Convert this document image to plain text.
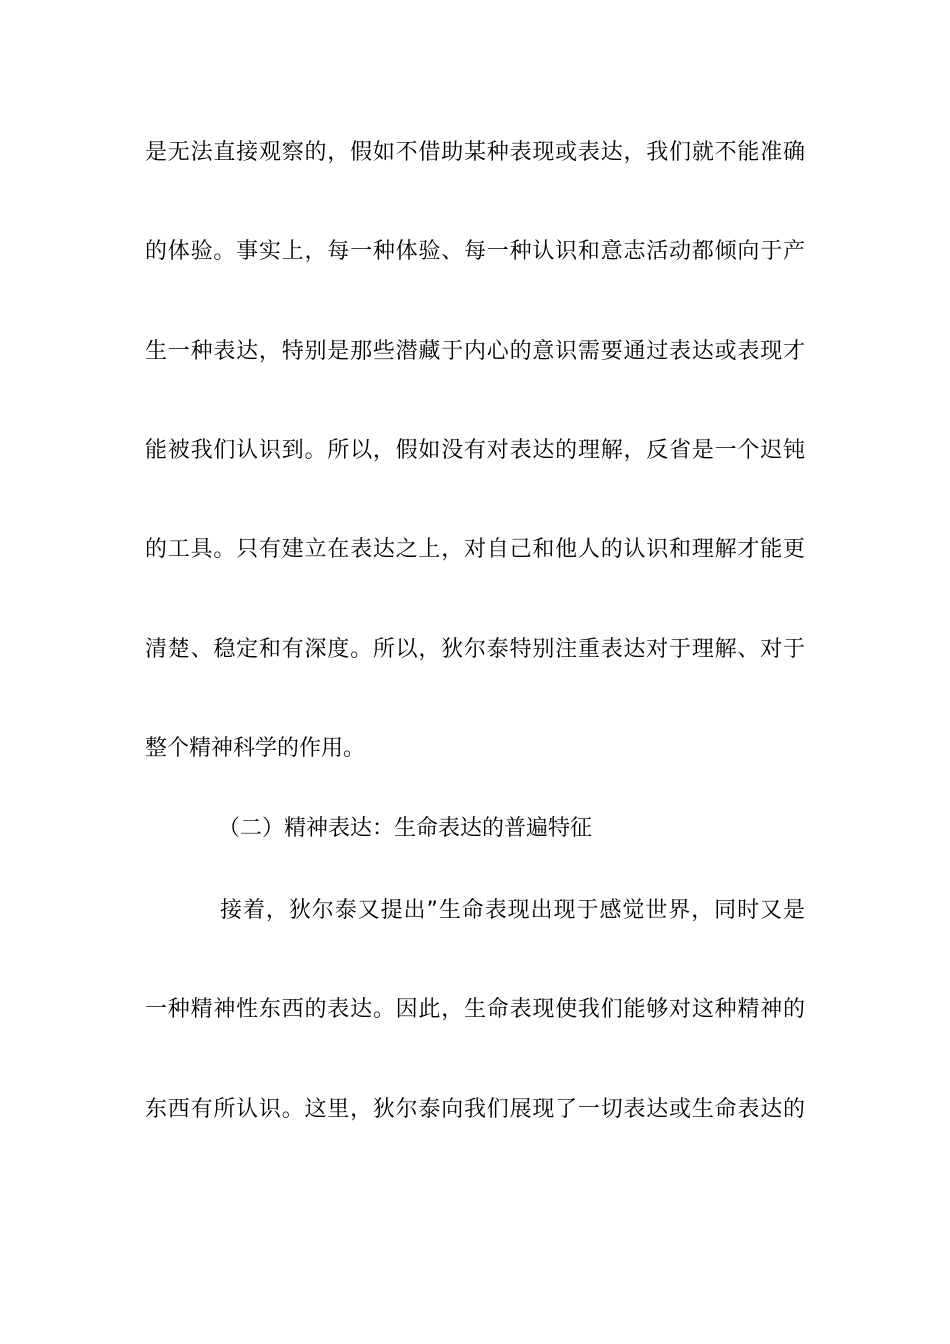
是无法直接观察的，假如不借助某种表现或表达，我们就不能准确
的体验。事实上，每一种体验、每一种认识和意志活动都倾向于产
生一种表达，特别是那些潜藏于内心的意识需要通过表达或表现才
能被我们认识到。所以，假如没有对表达的理解，反省是一个迟钝
的工具。只有建立在表达之上，对自己和他人的认识和理解才能更
清楚、稳定和有深度。所以，狄尔泰特别注重表达对于理解、对于
整个精神科学的作用。
（二）精神表达：生命表达的普遍特征
接着，狄尔泰又提出”生命表现出现于感觉世界，同时又是
一种精神性东西的表达。因此，生命表现使我们能够对这种精神的
东西有所认识。这里，狄尔泰向我们展现了一切表达或生命表达的
